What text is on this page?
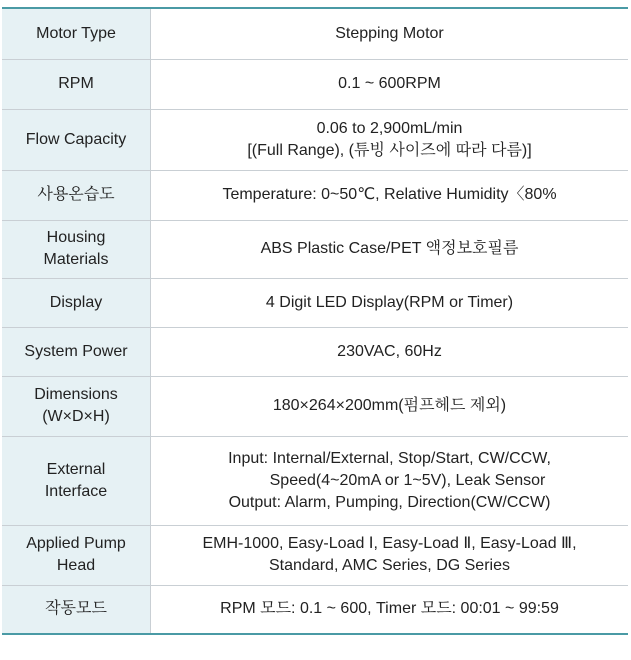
Motor Type	Stepping Motor

RPM	0.1 ~ 600RPM

Flow Capacity	0.06 to 2,900mL/min
[(Full Range), (튜빙 사이즈에 따라 다름)]

사용온습도	Temperature: 0~50℃, Relative Humidity〈80%

Housing
Materials	ABS Plastic Case/PET 액정보호필름

Display	4 Digit LED Display(RPM or Timer)

System Power	230VAC, 60Hz

Dimensions
(W×D×H)	180×264×200mm(펌프헤드 제외)

External
Interface	Input: Internal/External, Stop/Start, CW/CCW,
Speed(4~20mA or 1~5V), Leak Sensor
Output: Alarm, Pumping, Direction(CW/CCW)

Applied Pump
Head	EMH-1000, Easy-Load Ⅰ, Easy-Load Ⅱ, Easy-Load Ⅲ,
Standard, AMC Series, DG Series

작동모드	RPM 모드: 0.1 ~ 600, Timer 모드: 00:01 ~ 99:59
